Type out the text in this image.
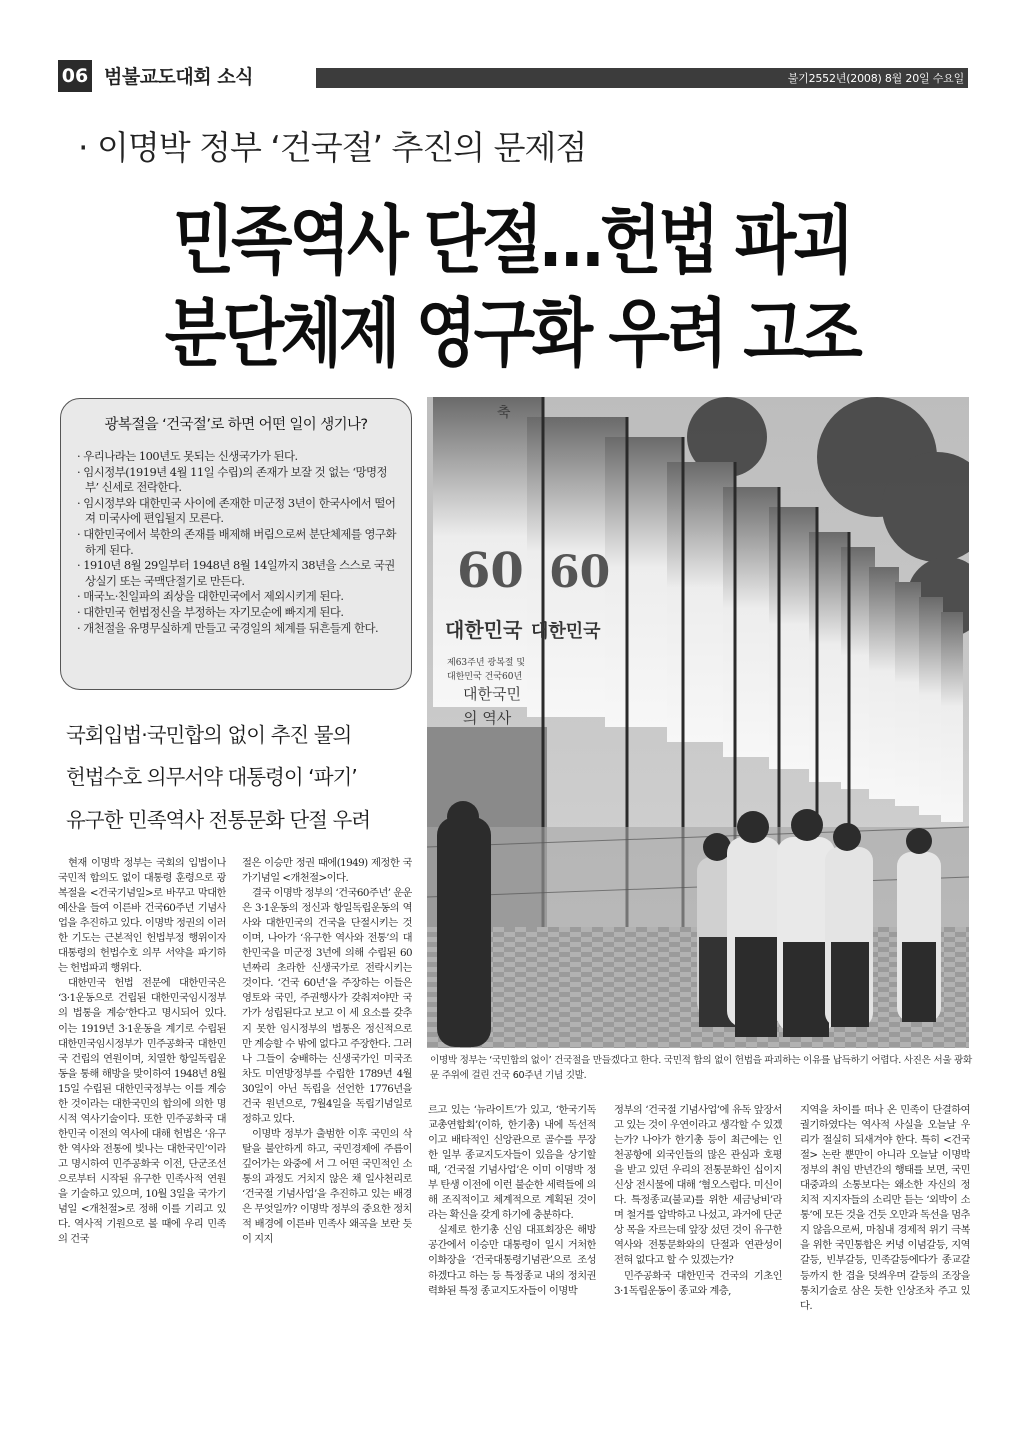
06 범불교도대회 소식	불기2552년(2008) 8월 20일 수요일
· 이명박 정부 ‘건국절’ 추진의 문제점
민족역사 단절…헌법 파괴
분단체제 영구화 우려 고조
광복절을 ‘건국절’로 하면 어떤 일이 생기나?
· 우리나라는 100년도 못되는 신생국가가 된다.
· 임시정부(1919년 4월 11일 수립)의 존재가 보잘 것 없는 ‘망명정부’ 신세로 전락한다.
· 임시정부와 대한민국 사이에 존재한 미군정 3년이 한국사에서 떨어져 미국사에 편입될지 모른다.
· 대한민국에서 북한의 존재를 배제해 버림으로써 분단체제를 영구화하게 된다.
· 1910년 8월 29일부터 1948년 8월 14일까지 38년을 스스로 국권상실기 또는 국맥단절기로 만든다.
· 매국노·친일파의 죄상을 대한민국에서 제외시키게 된다.
· 대한민국 헌법정신을 부정하는 자기모순에 빠지게 된다.
· 개천절을 유명무실하게 만들고 국경일의 체계를 뒤흔들게 한다.
국회입법·국민합의 없이 추진 물의
헌법수호 의무서약 대통령이 ‘파기’
유구한 민족역사 전통문화 단절 우려
60 60
대한민국 대한민국
제63주년 광복절 및
대한민국 건국60년
대한국민
의 역사
축
이명박 정부는 ‘국민합의 없이’ 건국절을 만들겠다고 한다. 국민적 합의 없이 헌법을 파괴하는 이유를 납득하기 어렵다. 사진은 서울 광화문 주위에 걸린 건국 60주년 기념 깃발.

현재 이명박 정부는 국회의 입법이나 국민적 합의도 없이 대통령 훈령으로 광복절을 <건국기념일>로 바꾸고 막대한 예산을 들여 이른바 건국60주년 기념사업을 추진하고 있다. 이명박 정권의 이러한 기도는 근본적인 헌법부정 행위이자 대통령의 헌법수호 의무 서약을 파기하는 헌법파괴 행위다.

대한민국 헌법 전문에 대한민국은 ‘3·1운동으로 건립된 대한민국임시정부의 법통을 계승’한다고 명시되어 있다. 이는 1919년 3·1운동을 계기로 수립된 대한민국임시정부가 민주공화국 대한민국 건립의 연원이며, 치열한 항일독립운동을 통해 해방을 맞이하여 1948년 8월 15일 수립된 대한민국정부는 이를 계승한 것이라는 대한국민의 합의에 의한 명시적 역사기술이다. 또한 민주공화국 대한민국 이전의 역사에 대해 헌법은 ‘유구한 역사와 전통에 빛나는 대한국민’이라고 명시하여 민주공화국 이전, 단군조선으로부터 시작된 유구한 민족사적 연원을 기술하고 있으며, 10월 3일을 국가기념일 <개천절>로 정해 이를 기리고 있다. 역사적 기원으로 볼 때에 우리 민족의 건국

절은 이승만 정권 때에(1949) 제정한 국가기념일 <개천절>이다.

결국 이명박 정부의 ‘건국60주년’ 운운은 3·1운동의 정신과 항일독립운동의 역사와 대한민국의 건국을 단절시키는 것이며, 나아가 ‘유구한 역사와 전통’의 대한민국을 미군정 3년에 의해 수립된 60년짜리 초라한 신생국가로 전락시키는 것이다. ‘건국 60년’을 주장하는 이들은 영토와 국민, 주권행사가 갖춰져야만 국가가 성립된다고 보고 이 세 요소를 갖추지 못한 임시정부의 법통은 정신적으로만 계승할 수 밖에 없다고 주장한다. 그러나 그들이 숭배하는 신생국가인 미국조차도 미연방정부를 수립한 1789년 4월30일이 아닌 독립을 선언한 1776년을 건국 원년으로, 7월4일을 독립기념일로 정하고 있다.

이명박 정부가 출범한 이후 국민의 삭탈을 불안하게 하고, 국민경제에 주름이 깊어가는 와중에 서 그 어떤 국민적인 소통의 과정도 거치지 않은 채 일사천리로 ‘건국절 기념사업’을 추진하고 있는 배경은 무엇일까? 이명박 정부의 중요한 정치적 배경에 이른바 민족사 왜곡을 보란 듯이 지지

르고 있는 ‘뉴라이트’가 있고, ‘한국기독교총연합회’(이하, 한기총) 내에 독선적이고 배타적인 신앙관으로 골수를 무장한 일부 종교지도자들이 있음을 상기할 때, ‘건국절 기념사업’은 이미 이명박 정부 탄생 이전에 이런 불순한 세력들에 의해 조직적이고 체계적으로 계획된 것이라는 확신을 갖게 하기에 충분하다.

실제로 한기총 신임 대표회장은 해방공간에서 이승만 대통령이 일시 거처한 이화장을 ‘건국대통령기념관’으로 조성하겠다고 하는 등 특정종교 내의 정치권력화된 특정 종교지도자들이 이명박

정부의 ‘건국절 기념사업’에 유독 앞장서고 있는 것이 우연이라고 생각할 수 있겠는가? 나아가 한기총 등이 최근에는 인천공항에 외국인들의 많은 관심과 호평을 받고 있던 우리의 전통문화인 십이지신상 전시물에 대해 ‘혐오스럽다. 미신이다. 특정종교(불교)를 위한 세금낭비’라며 철거를 압박하고 나섰고, 과거에 단군상 목을 자르는데 앞장 섰던 것이 유구한 역사와 전통문화와의 단절과 연관성이 전혀 없다고 할 수 있겠는가?

민주공화국 대한민국 건국의 기초인 3·1독립운동이 종교와 계층,

지역을 차이를 떠나 온 민족이 단결하여 궐기하였다는 역사적 사실을 오늘날 우리가 절실히 되새겨야 한다. 특히 <건국절> 논란 뿐만이 아니라 오늘날 이명박 정부의 취임 반년간의 행태를 보면, 국민대중과의 소통보다는 왜소한 자신의 정치적 지지자들의 소리만 듣는 ‘외박이 소통’에 모든 것을 건듯 오만과 독선을 멈추지 않음으로써, 마침내 경제적 위기 극복을 위한 국민통합은 커녕 이념갈등, 지역갈등, 빈부갈등, 민족갈등에다가 종교갈등까지 한 겹을 덧씌우며 갈등의 조장을 통치기술로 삼은 듯한 인상조차 주고 있다.
